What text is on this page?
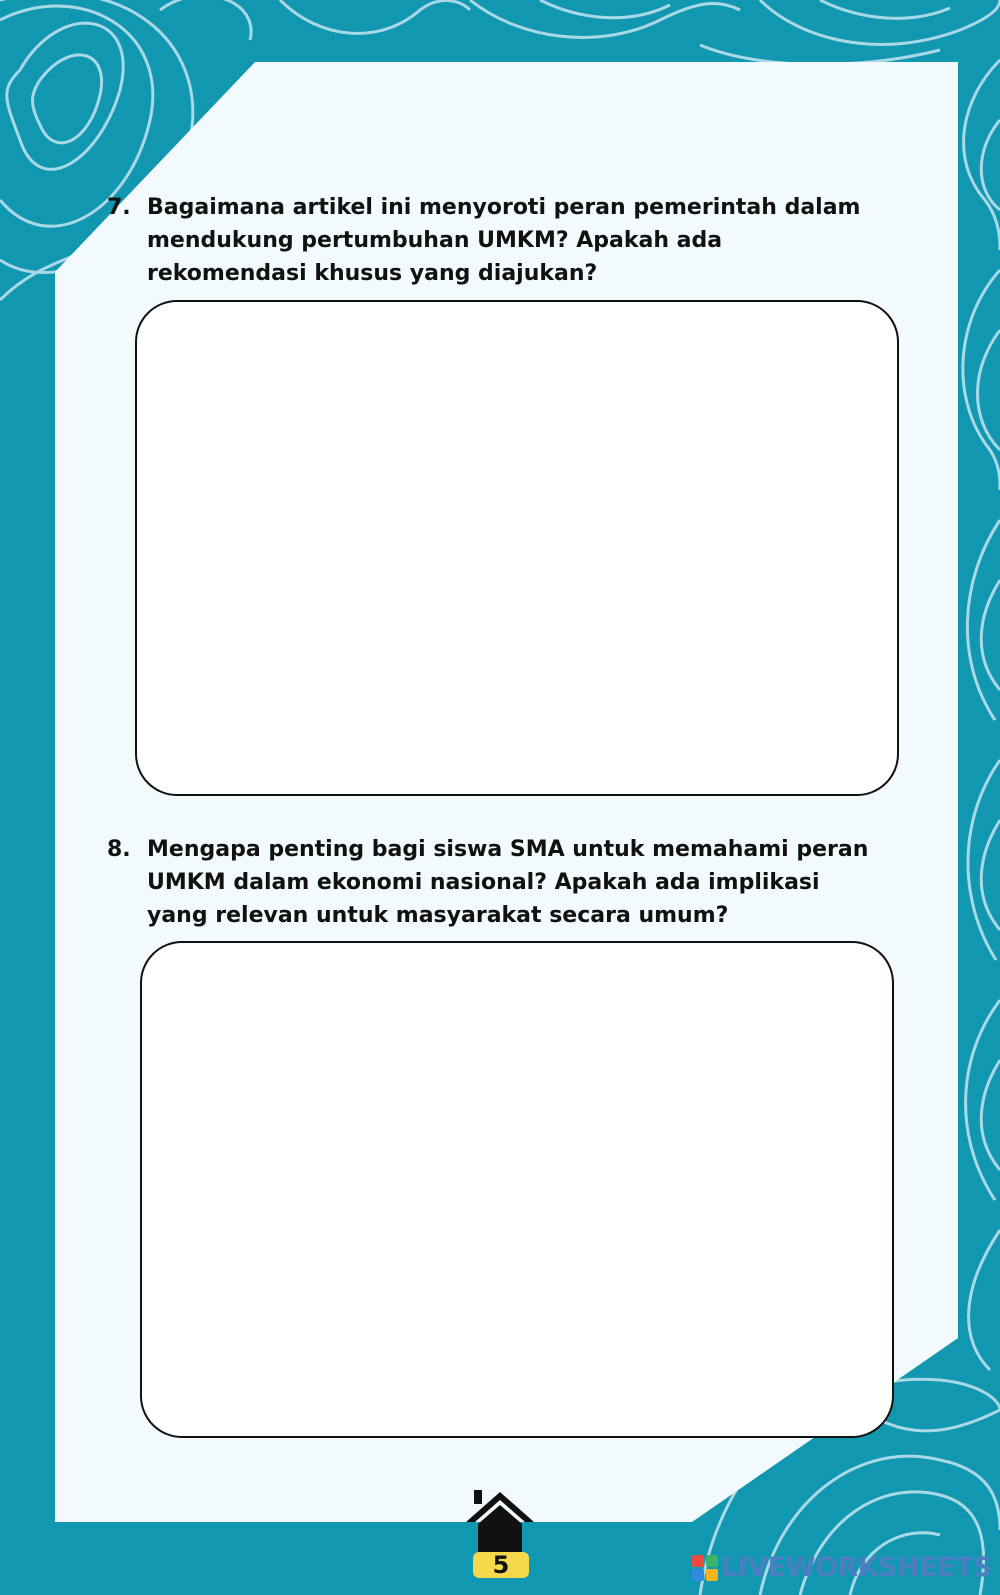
7. Bagaimana artikel ini menyoroti peran pemerintah dalam mendukung pertumbuhan UMKM? Apakah ada rekomendasi khusus yang diajukan?
8. Mengapa penting bagi siswa SMA untuk memahami peran UMKM dalam ekonomi nasional? Apakah ada implikasi yang relevan untuk masyarakat secara umum?
5	LIVEWORKSHEETS
